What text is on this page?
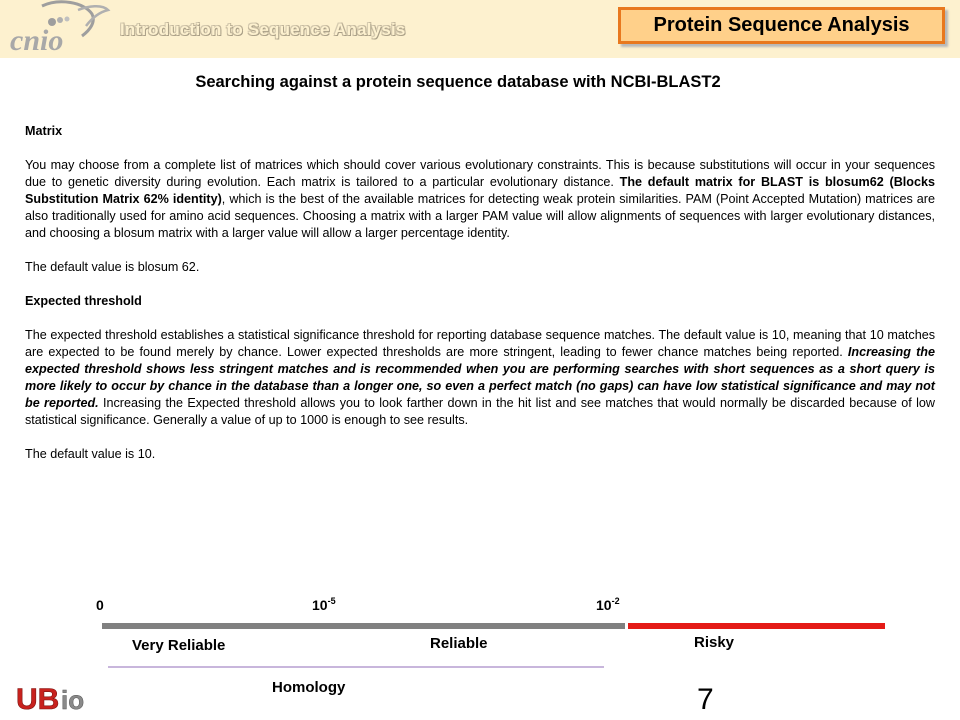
cnio	Introduction to Sequence Analysis	Protein Sequence Analysis
Searching against a protein sequence database with NCBI-BLAST2

Matrix

You may choose from a complete list of matrices which should cover various evolutionary constraints. This is because substitutions will occur in your sequences due to genetic diversity during evolution. Each matrix is tailored to a particular evolutionary distance. The default matrix for BLAST is blosum62 (Blocks Substitution Matrix 62% identity), which is the best of the available matrices for detecting weak protein similarities. PAM (Point Accepted Mutation) matrices are also traditionally used for amino acid sequences. Choosing a matrix with a larger PAM value will allow alignments of sequences with larger evolutionary distances, and choosing a blosum matrix with a larger value will allow a larger percentage identity.

The default value is blosum 62.

Expected threshold

The expected threshold establishes a statistical significance threshold for reporting database sequence matches. The default value is 10, meaning that 10 matches are expected to be found merely by chance. Lower expected thresholds are more stringent, leading to fewer chance matches being reported. Increasing the expected threshold shows less stringent matches and is recommended when you are performing searches with short sequences as a short query is more likely to occur by chance in the database than a longer one, so even a perfect match (no gaps) can have low statistical significance and may not be reported. Increasing the Expected threshold allows you to look farther down in the hit list and see matches that would normally be discarded because of low statistical significance. Generally a value of up to 1000 is enough to see results.

The default value is 10.

0	$10^{-5}$	$10^{-2}$
Very Reliable	Reliable	Risky
Homology
UB io	7
